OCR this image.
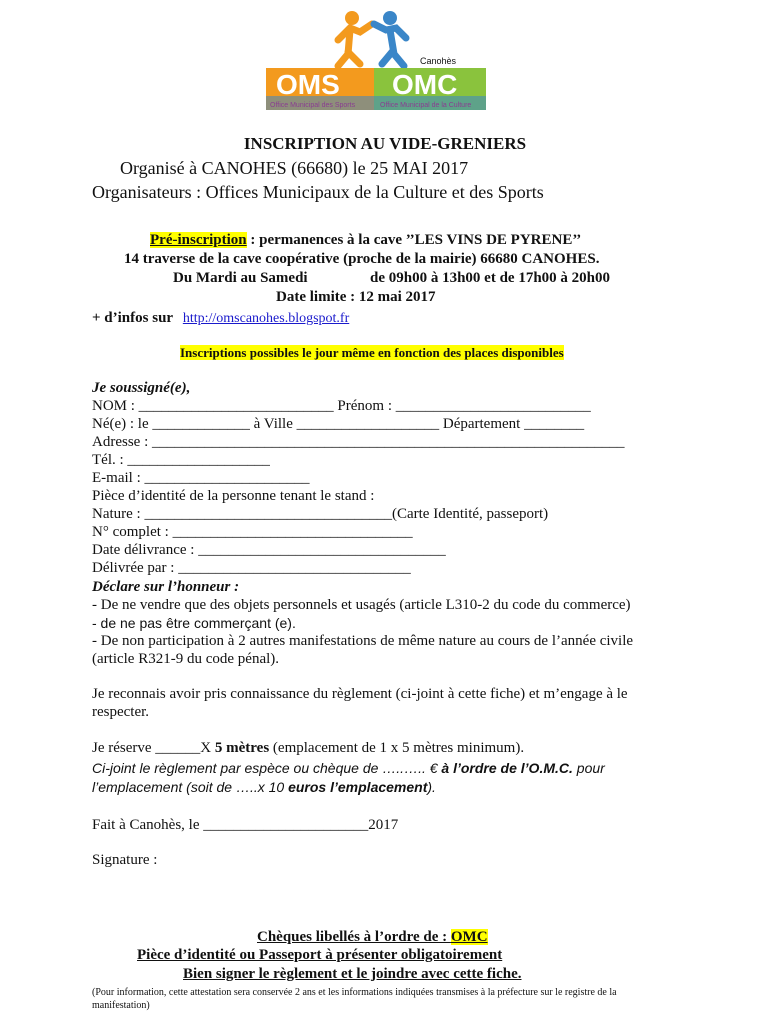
Canohès
OMS OMC
Office Municipal des Sports	Office Municipal de la Culture
INSCRIPTION AU VIDE-GRENIERS
Organisé à CANOHES (66680) le 25 MAI 2017
Organisateurs : Offices Municipaux de la Culture et des Sports
Pré-inscription : permanences à la cave ’’LES VINS DE PYRENE’’
14 traverse de la cave coopérative (proche de la mairie) 66680 CANOHES.
Du Mardi au Samedi	de 09h00 à 13h00 et de 17h00 à 20h00
Date limite : 12 mai 2017
+ d’infos sur http://omscanohes.blogspot.fr
Inscriptions possibles le jour même en fonction des places disponibles
Je soussigné(e),
NOM : __________________________ Prénom : __________________________
Né(e) : le _____________ à Ville ___________________ Département ________
Adresse : _______________________________________________________________
Tél. : ___________________
E-mail : ______________________
Pièce d’identité de la personne tenant le stand :
Nature : _________________________________(Carte Identité, passeport)
N° complet : ________________________________
Date délivrance : _________________________________
Délivrée par : _______________________________
Déclare sur l’honneur :
- De ne vendre que des objets personnels et usagés (article L310-2 du code du commerce)
- de ne pas être commerçant (e).
- De non participation à 2 autres manifestations de même nature au cours de l’année civile
(article R321-9 du code pénal).
Je reconnais avoir pris connaissance du règlement (ci-joint à cette fiche) et m’engage à le
respecter.
Je réserve ______X 5 mètres (emplacement de 1 x 5 mètres minimum).
Ci-joint le règlement par espèce ou chèque de …..….. € à l’ordre de l’O.M.C. pour
l’emplacement (soit de …..x 10 euros l’emplacement).
Fait à Canohès, le ______________________2017
Signature :
Chèques libellés à l’ordre de : OMC
Pièce d’identité ou Passeport à présenter obligatoirement
Bien signer le règlement et le joindre avec cette fiche.
(Pour information, cette attestation sera conservée 2 ans et les informations indiquées transmises à la préfecture sur le registre de la
manifestation)
